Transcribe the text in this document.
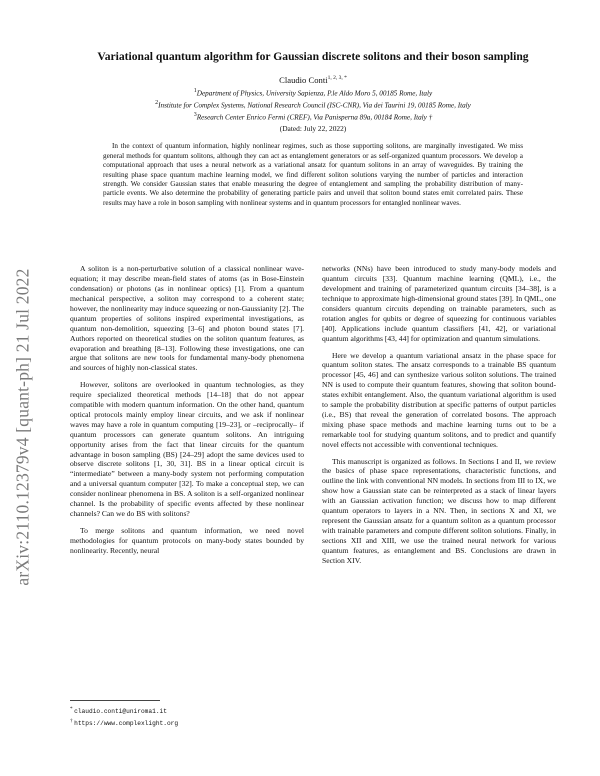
arXiv:2110.12379v4 [quant-ph] 21 Jul 2022
Variational quantum algorithm for Gaussian discrete solitons and their boson sampling
Claudio Conti$^{1, 2, 3, *}$
$^1$Department of Physics, University Sapienza, P.le Aldo Moro 5, 00185 Rome, Italy
$^2$Institute for Complex Systems, National Research Council (ISC-CNR), Via dei Taurini 19, 00185 Rome, Italy
$^3$Research Center Enrico Fermi (CREF), Via Panisperna 89a, 00184 Rome, Italy †
(Dated: July 22, 2022)

In the context of quantum information, highly nonlinear regimes, such as those supporting solitons, are marginally investigated. We miss general methods for quantum solitons, although they can act as entanglement generators or as self-organized quantum processors. We develop a computational approach that uses a neural network as a variational ansatz for quantum solitons in an array of waveguides. By training the resulting phase space quantum machine learning model, we find different soliton solutions varying the number of particles and interaction strength. We consider Gaussian states that enable measuring the degree of entanglement and sampling the probability distribution of many-particle events. We also determine the probability of generating particle pairs and unveil that soliton bound states emit correlated pairs. These results may have a role in boson sampling with nonlinear systems and in quantum processors for entangled nonlinear waves.

A soliton is a non-perturbative solution of a classical nonlinear wave-equation; it may describe mean-field states of atoms (as in Bose-Einstein condensation) or photons (as in nonlinear optics) [1]. From a quantum mechanical perspective, a soliton may correspond to a coherent state; however, the nonlinearity may induce squeezing or non-Gaussianity [2]. The quantum properties of solitons inspired experimental investigations, as quantum non-demolition, squeezing [3–6] and photon bound states [7]. Authors reported on theoretical studies on the soliton quantum features, as evaporation and breathing [8–13]. Following these investigations, one can argue that solitons are new tools for fundamental many-body phenomena and sources of highly non-classical states.

However, solitons are overlooked in quantum technologies, as they require specialized theoretical methods [14–18] that do not appear compatible with modern quantum information. On the other hand, quantum optical protocols mainly employ linear circuits, and we ask if nonlinear waves may have a role in quantum computing [19–23], or –reciprocally– if quantum processors can generate quantum solitons. An intriguing opportunity arises from the fact that linear circuits for the quantum advantage in boson sampling (BS) [24–29] adopt the same devices used to observe discrete solitons [1, 30, 31]. BS in a linear optical circuit is “intermediate” between a many-body system not performing computation and a universal quantum computer [32]. To make a conceptual step, we can consider nonlinear phenomena in BS. A soliton is a self-organized nonlinear channel. Is the probability of specific events affected by these nonlinear channels? Can we do BS with solitons?

To merge solitons and quantum information, we need novel methodologies for quantum protocols on many-body states bounded by nonlinearity. Recently, neural

networks (NNs) have been introduced to study many-body models and quantum circuits [33]. Quantum machine learning (QML), i.e., the development and training of parameterized quantum circuits [34–38], is a technique to approximate high-dimensional ground states [39]. In QML, one considers quantum circuits depending on trainable parameters, such as rotation angles for qubits or degree of squeezing for continuous variables [40]. Applications include quantum classifiers [41, 42], or variational quantum algorithms [43, 44] for optimization and quantum simulations.

Here we develop a quantum variational ansatz in the phase space for quantum soliton states. The ansatz corresponds to a trainable BS quantum processor [45, 46] and can synthesize various soliton solutions. The trained NN is used to compute their quantum features, showing that soliton bound-states exhibit entanglement. Also, the quantum variational algorithm is used to sample the probability distribution at specific patterns of output particles (i.e., BS) that reveal the generation of correlated bosons. The approach mixing phase space methods and machine learning turns out to be a remarkable tool for studying quantum solitons, and to predict and quantify novel effects not accessible with conventional techniques.

This manuscript is organized as follows. In Sections I and II, we review the basics of phase space representations, characteristic functions, and outline the link with conventional NN models. In sections from III to IX, we show how a Gaussian state can be reinterpreted as a stack of linear layers with an Gaussian activation function; we discuss how to map different quantum operators to layers in a NN. Then, in sections X and XI, we represent the Gaussian ansatz for a quantum soliton as a quantum processor with trainable parameters and compute different soliton solutions. Finally, in sections XII and XIII, we use the trained neural network for various quantum features, as entanglement and BS. Conclusions are drawn in Section XIV.

* claudio.conti@uniroma1.it
† https://www.complexlight.org
